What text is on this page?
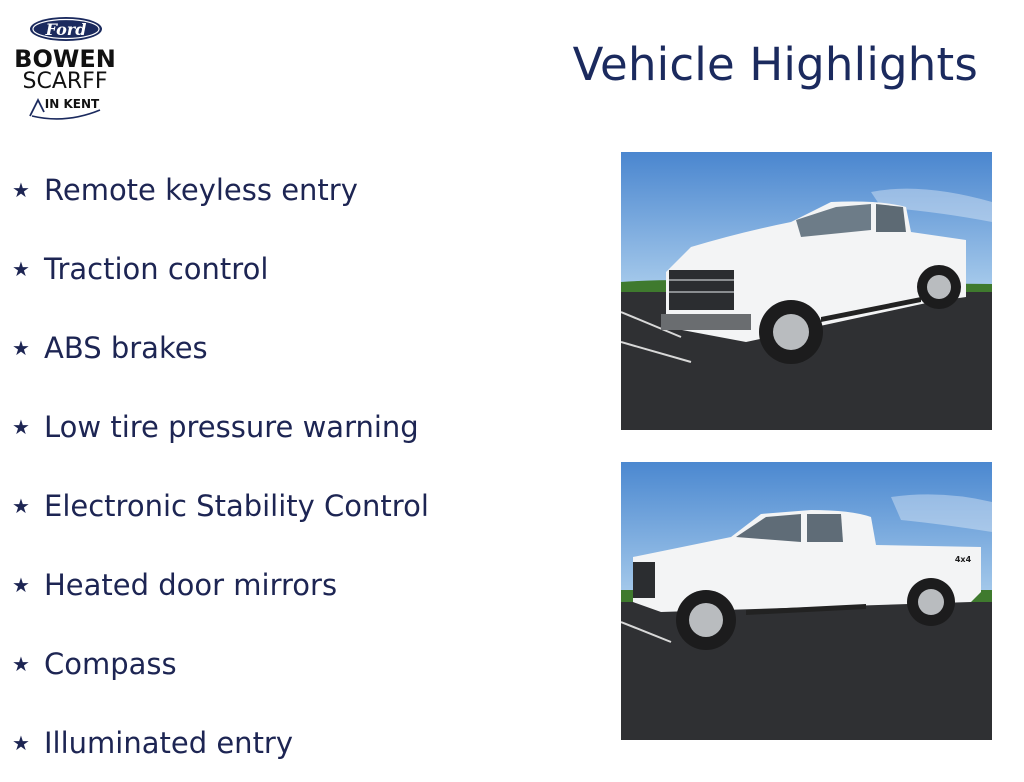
Ford
BOWEN
SCARFF
IN KENT
Vehicle Highlights
★ Remote keyless entry
★ Traction control
★ ABS brakes
★ Low tire pressure warning
★ Electronic Stability Control
★ Heated door mirrors
★ Compass
★ Illuminated entry
4x4
